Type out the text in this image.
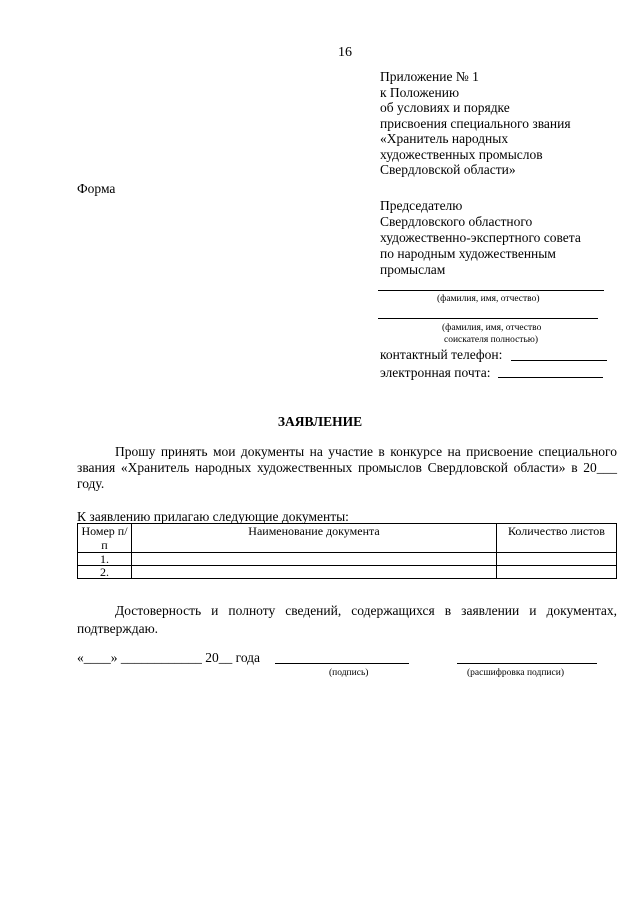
16
Приложение № 1
к Положению
об условиях и порядке
присвоения специального звания
«Хранитель народных
художественных промыслов
Свердловской области»
Форма
Председателю
Свердловского областного
художественно-экспертного совета
по народным художественным
промыслам
(фамилия, имя, отчество)
(фамилия, имя, отчество
соискателя полностью)
контактный телефон:
электронная почта:
ЗАЯВЛЕНИЕ
Прошу принять мои документы на участие в конкурсе на присвоение специального звания «Хранитель народных художественных промыслов Свердловской области» в 20___ году.
К заявлению прилагаю следующие документы:
Номер п/п	Наименование документа	Количество листов
1.		
2.		
Достоверность и полноту сведений, содержащихся в заявлении и документах, подтверждаю.
«____» ____________ 20__ года
(подпись)	(расшифровка подписи)
